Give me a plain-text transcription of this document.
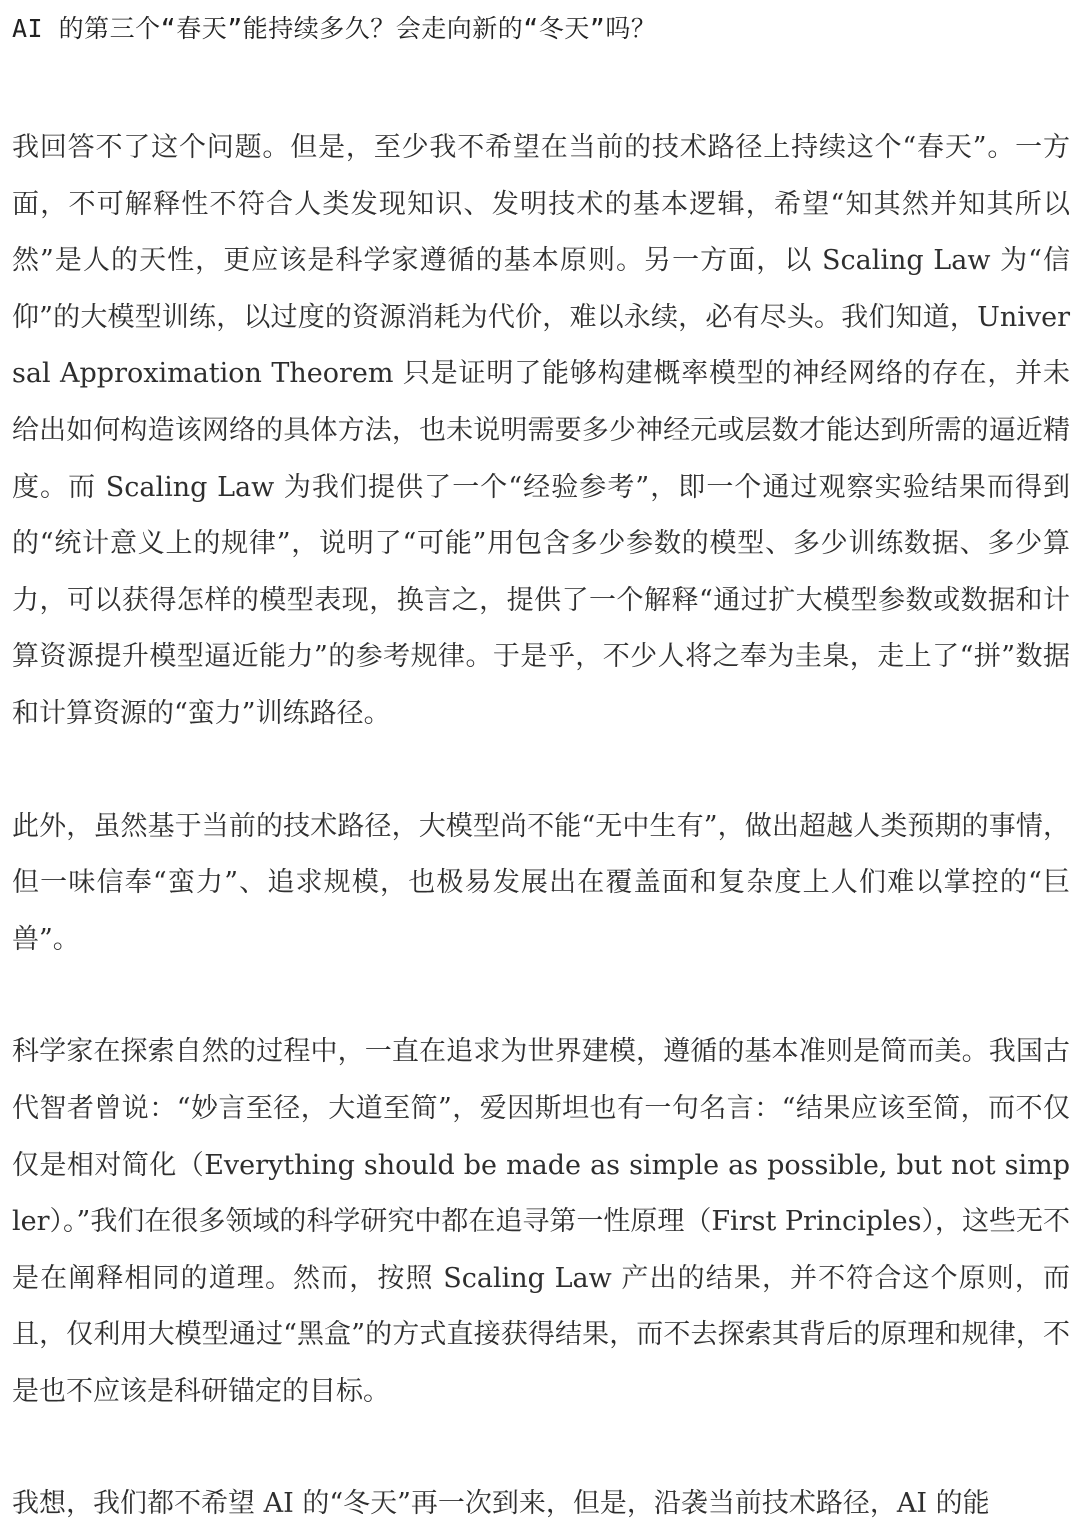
AI 的第三个“春天”能持续多久？会走向新的“冬天”吗？

我回答不了这个问题。但是，至少我不希望在当前的技术路径上持续这个“春天”。一方面，不可解释性不符合人类发现知识、发明技术的基本逻辑，希望“知其然并知其所以然”是人的天性，更应该是科学家遵循的基本原则。另一方面，以 Scaling Law 为“信仰”的大模型训练，以过度的资源消耗为代价，难以永续，必有尽头。我们知道，Universal Approximation Theorem 只是证明了能够构建概率模型的神经网络的存在，并未给出如何构造该网络的具体方法，也未说明需要多少神经元或层数才能达到所需的逼近精度。而 Scaling Law 为我们提供了一个“经验参考”，即一个通过观察实验结果而得到的“统计意义上的规律”，说明了“可能”用包含多少参数的模型、多少训练数据、多少算力，可以获得怎样的模型表现，换言之，提供了一个解释“通过扩大模型参数或数据和计算资源提升模型逼近能力”的参考规律。于是乎，不少人将之奉为圭臬，走上了“拼”数据和计算资源的“蛮力”训练路径。

此外，虽然基于当前的技术路径，大模型尚不能“无中生有”，做出超越人类预期的事情，但一味信奉“蛮力”、追求规模，也极易发展出在覆盖面和复杂度上人们难以掌控的“巨兽”。

科学家在探索自然的过程中，一直在追求为世界建模，遵循的基本准则是简而美。我国古代智者曾说：“妙言至径，大道至简”，爱因斯坦也有一句名言：“结果应该至简，而不仅仅是相对简化（Everything should be made as simple as possible, but not simpler）。”我们在很多领域的科学研究中都在追寻第一性原理（First Principles），这些无不是在阐释相同的道理。然而，按照 Scaling Law 产出的结果，并不符合这个原则，而且，仅利用大模型通过“黑盒”的方式直接获得结果，而不去探索其背后的原理和规律，不是也不应该是科研锚定的目标。

我想，我们都不希望 AI 的“冬天”再一次到来，但是，沿袭当前技术路径，AI 的能
